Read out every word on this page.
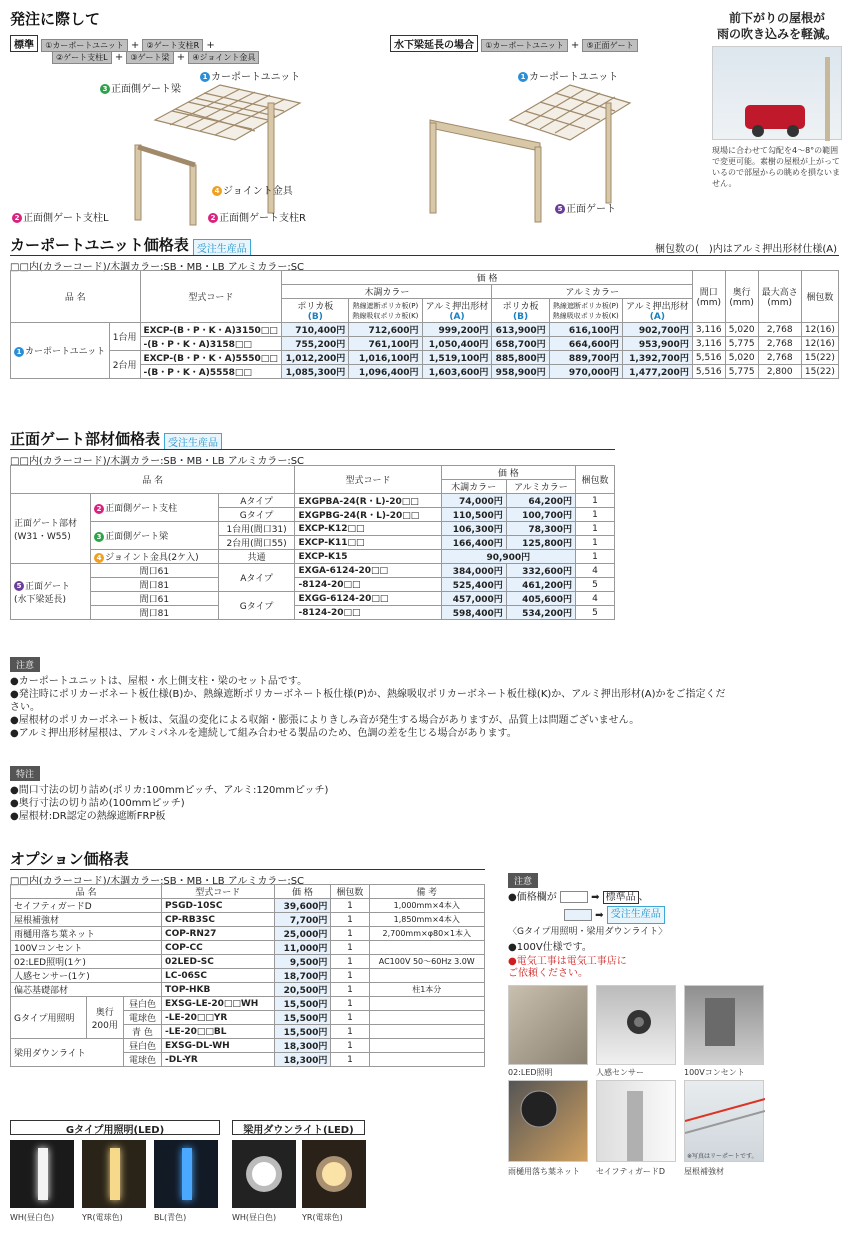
発注に際して
標準 ①カーポートユニット + ②ゲート支柱R +
②ゲート支柱L + ③ゲート梁 + ④ジョイント金具
水下梁延長の場合 ①カーポートユニット + ⑤正面ゲート
1 カーポートユニット
3 正面側ゲート梁
4 ジョイント金具
2 正面側ゲート支柱L	2 正面側ゲート支柱R
1 カーポートユニット
5 正面ゲート
前下がりの屋根が
雨の吹き込みを軽減。
現場に合わせて勾配を4〜8°の範囲で変更可能。素樹の屋根が上がっているので部屋からの眺めを損ないません。
カーポートユニット価格表 受注生産品	梱包数の(　)内はアルミ押出形材仕様(A)
□□内(カラーコード)/木調カラー:SB・MB・LB アルミカラー:SC
品 名		型式コード	価 格						間口
(mm)	奥行
(mm)	最大高さ
(mm)	梱包数
			木調カラー			アルミカラー						
			ポリカ板
(B)	熱線遮断ポリカ板(P)
熱線吸収ポリカ板(K)	アルミ押出形材
(A)	ポリカ板
(B)	熱線遮断ポリカ板(P)
熱線吸収ポリカ板(K)	アルミ押出形材
(A)				

1 カーポートユニット	1台用	EXCP-(B・P・K・A)3150□□	710,400円	712,600円	999,200円	613,900円	616,100円	902,700円	3,116	5,020	2,768	12(16)
		-(B・P・K・A)3158□□	755,200円	761,100円	1,050,400円	658,700円	664,600円	953,900円	3,116	5,775	2,768	12(16)
	2台用	EXCP-(B・P・K・A)5550□□	1,012,200円	1,016,100円	1,519,100円	885,800円	889,700円	1,392,700円	5,516	5,020	2,768	15(22)
		-(B・P・K・A)5558□□	1,085,300円	1,096,400円	1,603,600円	958,900円	970,000円	1,477,200円	5,516	5,775	2,800	15(22)
正面ゲート部材価格表 受注生産品
□□内(カラーコード)/木調カラー:SB・MB・LB アルミカラー:SC
品 名			型式コード	価 格		梱包数
				木調カラー	アルミカラー	
正面ゲート部材
(W31・W55)	2 正面側ゲート支柱	Aタイプ	EXGPBA-24(R・L)-20□□	74,000円	64,200円	1
		Gタイプ	EXGPBG-24(R・L)-20□□	110,500円	100,700円	1
	3 正面側ゲート梁	1台用(間口31)	EXCP-K12□□	106,300円	78,300円	1
		2台用(間口55)	EXCP-K11□□	166,400円	125,800円	1
	4 ジョイント金具(2ケ入)	共通	EXCP-K15	90,900円		1
5 正面ゲート
(水下梁延長)	間口61	Aタイプ	EXGA-6124-20□□	384,000円	332,600円	4
	間口81		-8124-20□□	525,400円	461,200円	5
	間口61	Gタイプ	EXGG-6124-20□□	457,000円	405,600円	4
	間口81		-8124-20□□	598,400円	534,200円	5
注意

●カーポートユニットは、屋根・水上側支柱・梁のセット品です。

●発注時にポリカーボネート板仕様(B)か、熱線遮断ポリカーボネート板仕様(P)か、熱線吸収ポリカーボネート板仕様(K)か、アルミ押出形材(A)かをご指定ください。

●屋根材のポリカーボネート板は、気温の変化による収縮・膨張によりきしみ音が発生する場合がありますが、品質上は問題ございません。

●アルミ押出形材屋根は、アルミパネルを連続して組み合わせる製品のため、色調の差を生じる場合があります。

特注

●間口寸法の切り詰め(ポリカ:100mmピッチ、アルミ:120mmピッチ)

●奥行寸法の切り詰め(100mmピッチ)

●屋根材:DR認定の熱線遮断FRP板

オプション価格表
□□内(カラーコード)/木調カラー:SB・MB・LB アルミカラー:SC
品 名			型式コード	価 格	梱包数	備 考
セイフティガードD			PSGD-10SC	39,600円	1	1,000mm×4本入
屋根補強材			CP-RB3SC	7,700円	1	1,850mm×4本入
雨樋用落ち葉ネット			COP-RN27	25,000円	1	2,700mm×φ80×1本入
100Vコンセント			COP-CC	11,000円	1	
02:LED照明(1ケ)			02LED-SC	9,500円	1	AC100V 50〜60Hz 3.0W
人感センサー(1ケ)			LC-06SC	18,700円	1	
偏芯基礎部材			TOP-HKB	20,500円	1	柱1本分
Gタイプ用照明	奥行
200用	昼白色	EXSG-LE-20□□WH	15,500円	1	
		電球色	-LE-20□□YR	15,500円	1	
		青 色	-LE-20□□BL	15,500円	1	
梁用ダウンライト		昼白色	EXSG-DL-WH	18,300円	1	
		電球色	-DL-YR	18,300円	1	
注意
●価格欄が	➡ 標準品 、
➡ 受注生産品
〈Gタイプ用照明・梁用ダウンライト〉
●100V仕様です。
●電気工事は電気工事店に
ご依頼ください。
02:LED照明	人感センサー	100Vコンセント
※写真はリーポートです。
雨樋用落ち葉ネット セイフティガードD 屋根補強材
Gタイプ用照明(LED)	梁用ダウンライト(LED)
WH(昼白色)	YR(電球色)	BL(青色)	WH(昼白色)	YR(電球色)
